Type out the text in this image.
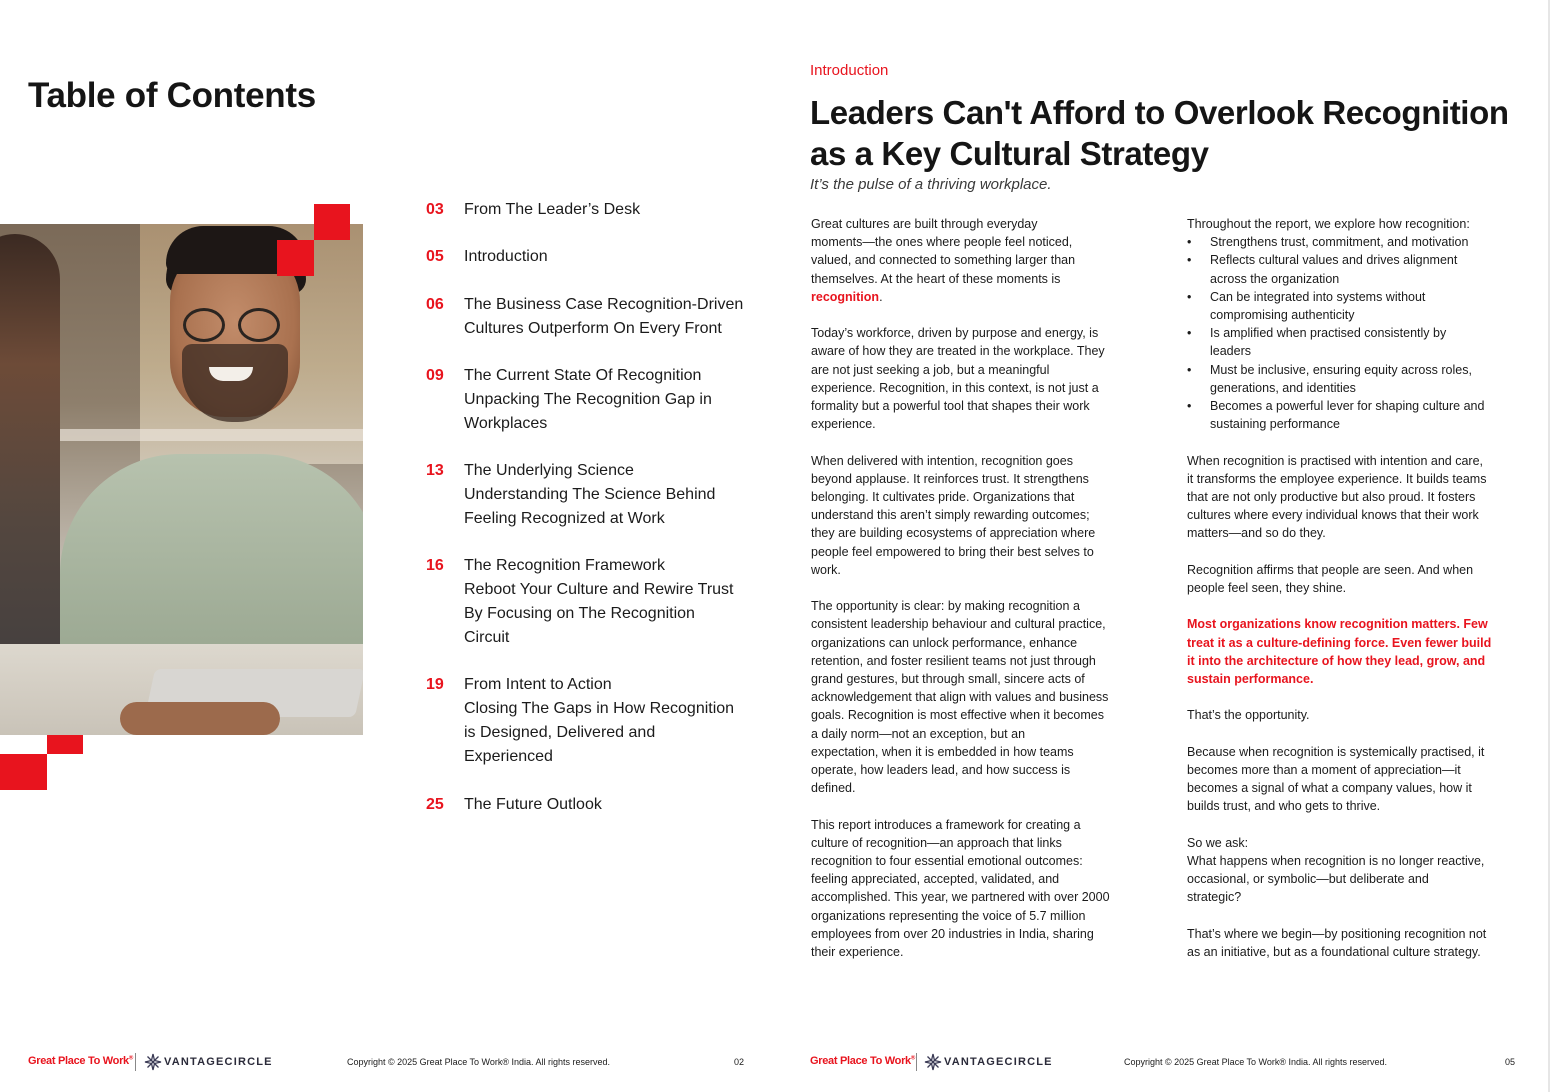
Table of Contents
03 From The Leader’s Desk
05 Introduction
06 The Business Case Recognition-Driven
Cultures Outperform On Every Front
09 The Current State Of Recognition
Unpacking The Recognition Gap in
Workplaces
13 The Underlying Science
Understanding The Science Behind
Feeling Recognized at Work
16 The Recognition Framework
Reboot Your Culture and Rewire Trust
By Focusing on The Recognition
Circuit
19 From Intent to Action
Closing The Gaps in How Recognition
is Designed, Delivered and
Experienced
25 The Future Outlook
Great Place To Work®	VANTAGECIRCLE	Copyright © 2025 Great Place To Work® India. All rights reserved.	02
Introduction
Leaders Can't Afford to Overlook Recognition
as a Key Cultural Strategy
It’s the pulse of a thriving workplace.

Great cultures are built through everyday
moments—the ones where people feel noticed,
valued, and connected to something larger than
themselves. At the heart of these moments is
recognition.

Today’s workforce, driven by purpose and energy, is
aware of how they are treated in the workplace. They
are not just seeking a job, but a meaningful
experience. Recognition, in this context, is not just a
formality but a powerful tool that shapes their work
experience.

When delivered with intention, recognition goes
beyond applause. It reinforces trust. It strengthens
belonging. It cultivates pride. Organizations that
understand this aren’t simply rewarding outcomes;
they are building ecosystems of appreciation where
people feel empowered to bring their best selves to
work.

The opportunity is clear: by making recognition a
consistent leadership behaviour and cultural practice,
organizations can unlock performance, enhance
retention, and foster resilient teams not just through
grand gestures, but through small, sincere acts of
acknowledgement that align with values and business
goals. Recognition is most effective when it becomes
a daily norm—not an exception, but an
expectation, when it is embedded in how teams
operate, how leaders lead, and how success is
defined.

This report introduces a framework for creating a
culture of recognition—an approach that links
recognition to four essential emotional outcomes:
feeling appreciated, accepted, validated, and
accomplished. This year, we partnered with over 2000
organizations representing the voice of 5.7 million
employees from over 20 industries in India, sharing
their experience.

Throughout the report, we explore how recognition:
• Strengthens trust, commitment, and motivation
• Reflects cultural values and drives alignment
across the organization
• Can be integrated into systems without
compromising authenticity
• Is amplified when practised consistently by
leaders
• Must be inclusive, ensuring equity across roles,
generations, and identities
• Becomes a powerful lever for shaping culture and
sustaining performance

When recognition is practised with intention and care,
it transforms the employee experience. It builds teams
that are not only productive but also proud. It fosters
cultures where every individual knows that their work
matters—and so do they.

Recognition affirms that people are seen. And when
people feel seen, they shine.

Most organizations know recognition matters. Few
treat it as a culture-defining force. Even fewer build
it into the architecture of how they lead, grow, and
sustain performance.

That’s the opportunity.

Because when recognition is systemically practised, it
becomes more than a moment of appreciation—it
becomes a signal of what a company values, how it
builds trust, and who gets to thrive.

So we ask:
What happens when recognition is no longer reactive,
occasional, or symbolic—but deliberate and
strategic?

That’s where we begin—by positioning recognition not
as an initiative, but as a foundational culture strategy.

Great Place To Work®	VANTAGECIRCLE	Copyright © 2025 Great Place To Work® India. All rights reserved.	05
